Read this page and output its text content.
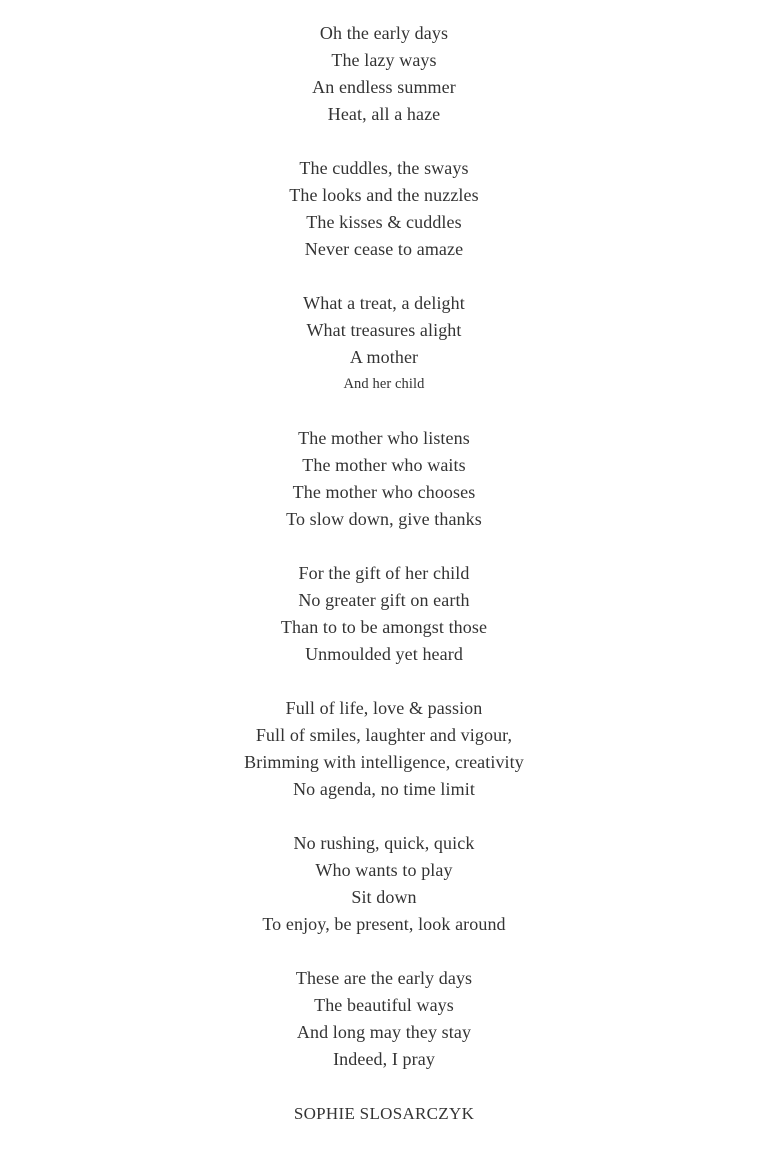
Oh the early days
The lazy ways
An endless summer
Heat, all a haze
The cuddles, the sways
The looks and the nuzzles
The kisses & cuddles
Never cease to amaze
What a treat, a delight
What treasures alight
A mother
And her child
The mother who listens
The mother who waits
The mother who chooses
To slow down, give thanks
For the gift of her child
No greater gift on earth
Than to to be amongst those
Unmoulded yet heard
Full of life, love & passion
Full of smiles, laughter and vigour,
Brimming with intelligence, creativity
No agenda, no time limit
No rushing, quick, quick
Who wants to play
Sit down
To enjoy, be present, look around
These are the early days
The beautiful ways
And long may they stay
Indeed, I pray
SOPHIE SLOSARCZYK
